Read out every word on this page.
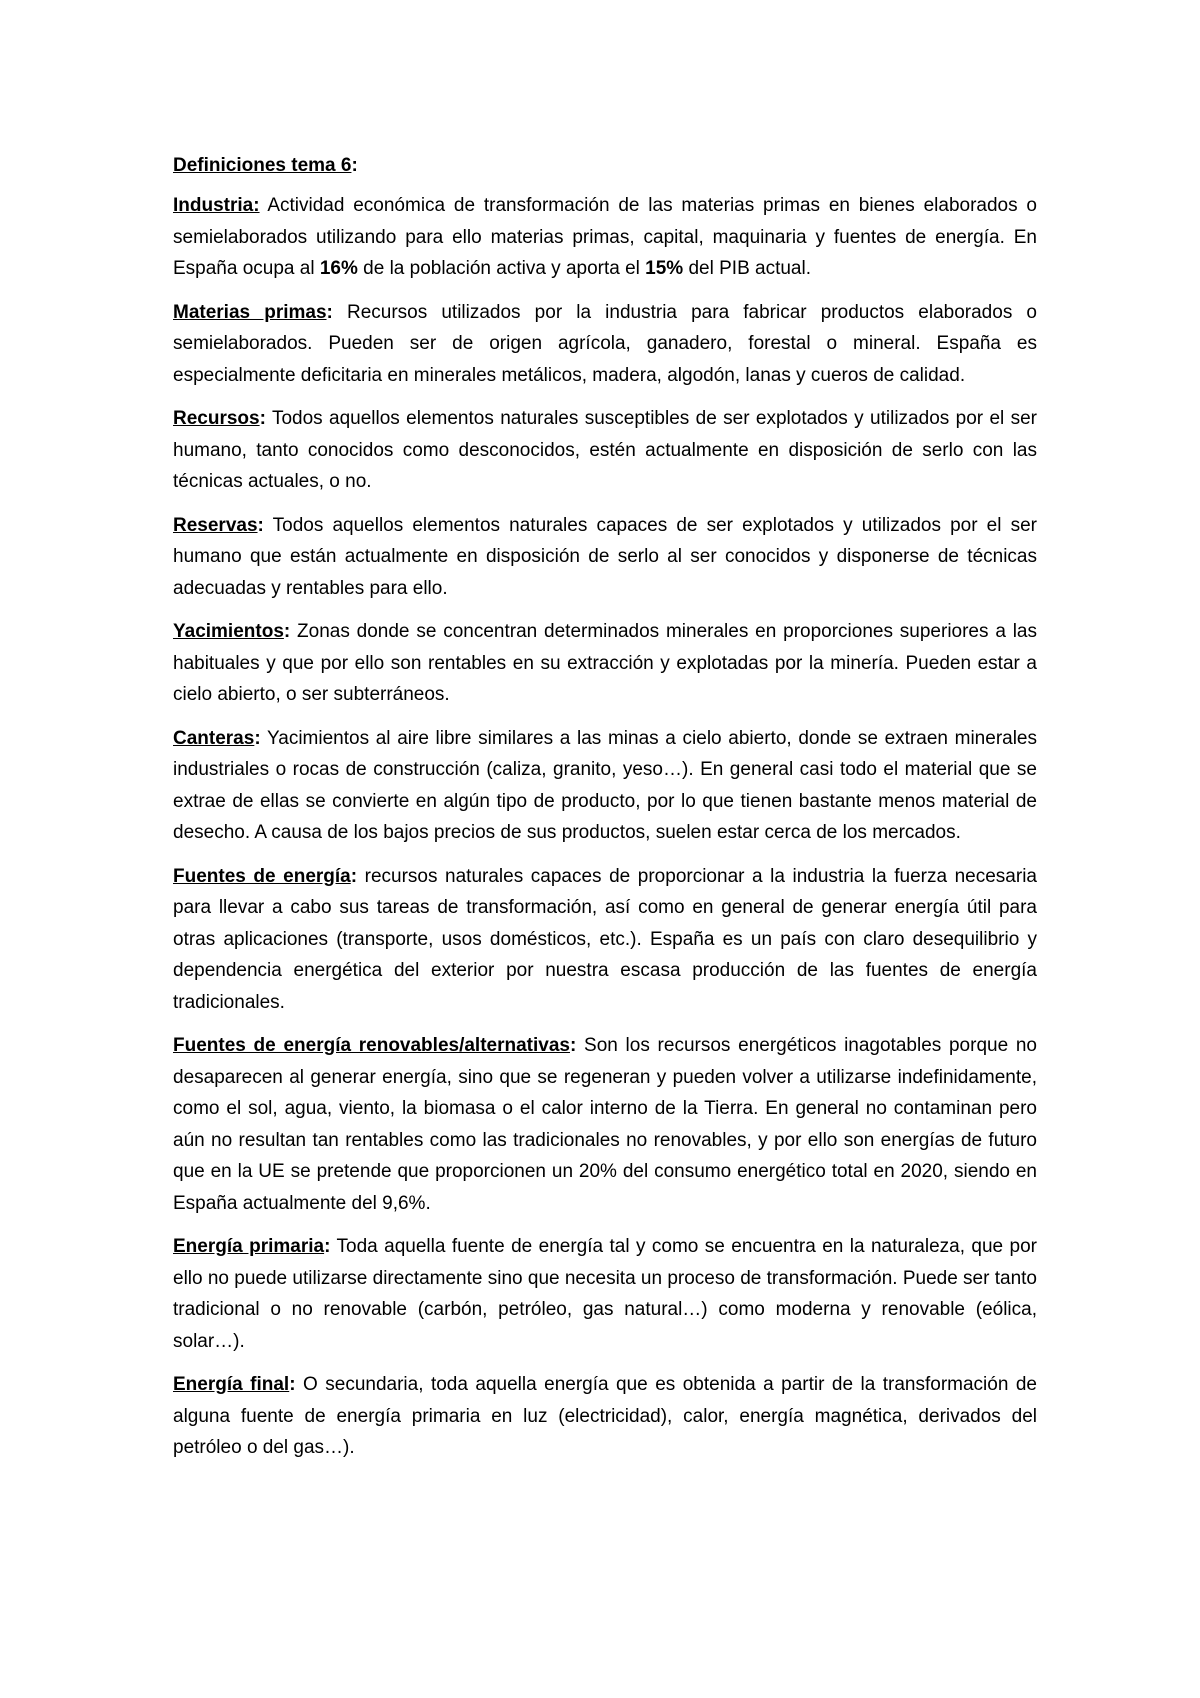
Definiciones tema 6:

Industria: Actividad económica de transformación de las materias primas en bienes elaborados o semielaborados utilizando para ello materias primas, capital, maquinaria y fuentes de energía. En España ocupa al 16% de la población activa y aporta el 15% del PIB actual.

Materias primas: Recursos utilizados por la industria para fabricar productos elaborados o semielaborados. Pueden ser de origen agrícola, ganadero, forestal o mineral. España es especialmente deficitaria en minerales metálicos, madera, algodón, lanas y cueros de calidad.

Recursos: Todos aquellos elementos naturales susceptibles de ser explotados y utilizados por el ser humano, tanto conocidos como desconocidos, estén actualmente en disposición de serlo con las técnicas actuales, o no.

Reservas: Todos aquellos elementos naturales capaces de ser explotados y utilizados por el ser humano que están actualmente en disposición de serlo al ser conocidos y disponerse de técnicas adecuadas y rentables para ello.

Yacimientos: Zonas donde se concentran determinados minerales en proporciones superiores a las habituales y que por ello son rentables en su extracción y explotadas por la minería. Pueden estar a cielo abierto, o ser subterráneos.

Canteras: Yacimientos al aire libre similares a las minas a cielo abierto, donde se extraen minerales industriales o rocas de construcción (caliza, granito, yeso…). En general casi todo el material que se extrae de ellas se convierte en algún tipo de producto, por lo que tienen bastante menos material de desecho. A causa de los bajos precios de sus productos, suelen estar cerca de los mercados.

Fuentes de energía: recursos naturales capaces de proporcionar a la industria la fuerza necesaria para llevar a cabo sus tareas de transformación, así como en general de generar energía útil para otras aplicaciones (transporte, usos domésticos, etc.). España es un país con claro desequilibrio y dependencia energética del exterior por nuestra escasa producción de las fuentes de energía tradicionales.

Fuentes de energía renovables/alternativas: Son los recursos energéticos inagotables porque no desaparecen al generar energía, sino que se regeneran y pueden volver a utilizarse indefinidamente, como el sol, agua, viento, la biomasa o el calor interno de la Tierra. En general no contaminan pero aún no resultan tan rentables como las tradicionales no renovables, y por ello son energías de futuro que en la UE se pretende que proporcionen un 20% del consumo energético total en 2020, siendo en España actualmente del 9,6%.

Energía primaria: Toda aquella fuente de energía tal y como se encuentra en la naturaleza, que por ello no puede utilizarse directamente sino que necesita un proceso de transformación. Puede ser tanto tradicional o no renovable (carbón, petróleo, gas natural…) como moderna y renovable (eólica, solar…).

Energía final: O secundaria, toda aquella energía que es obtenida a partir de la transformación de alguna fuente de energía primaria en luz (electricidad), calor, energía magnética, derivados del petróleo o del gas…).
